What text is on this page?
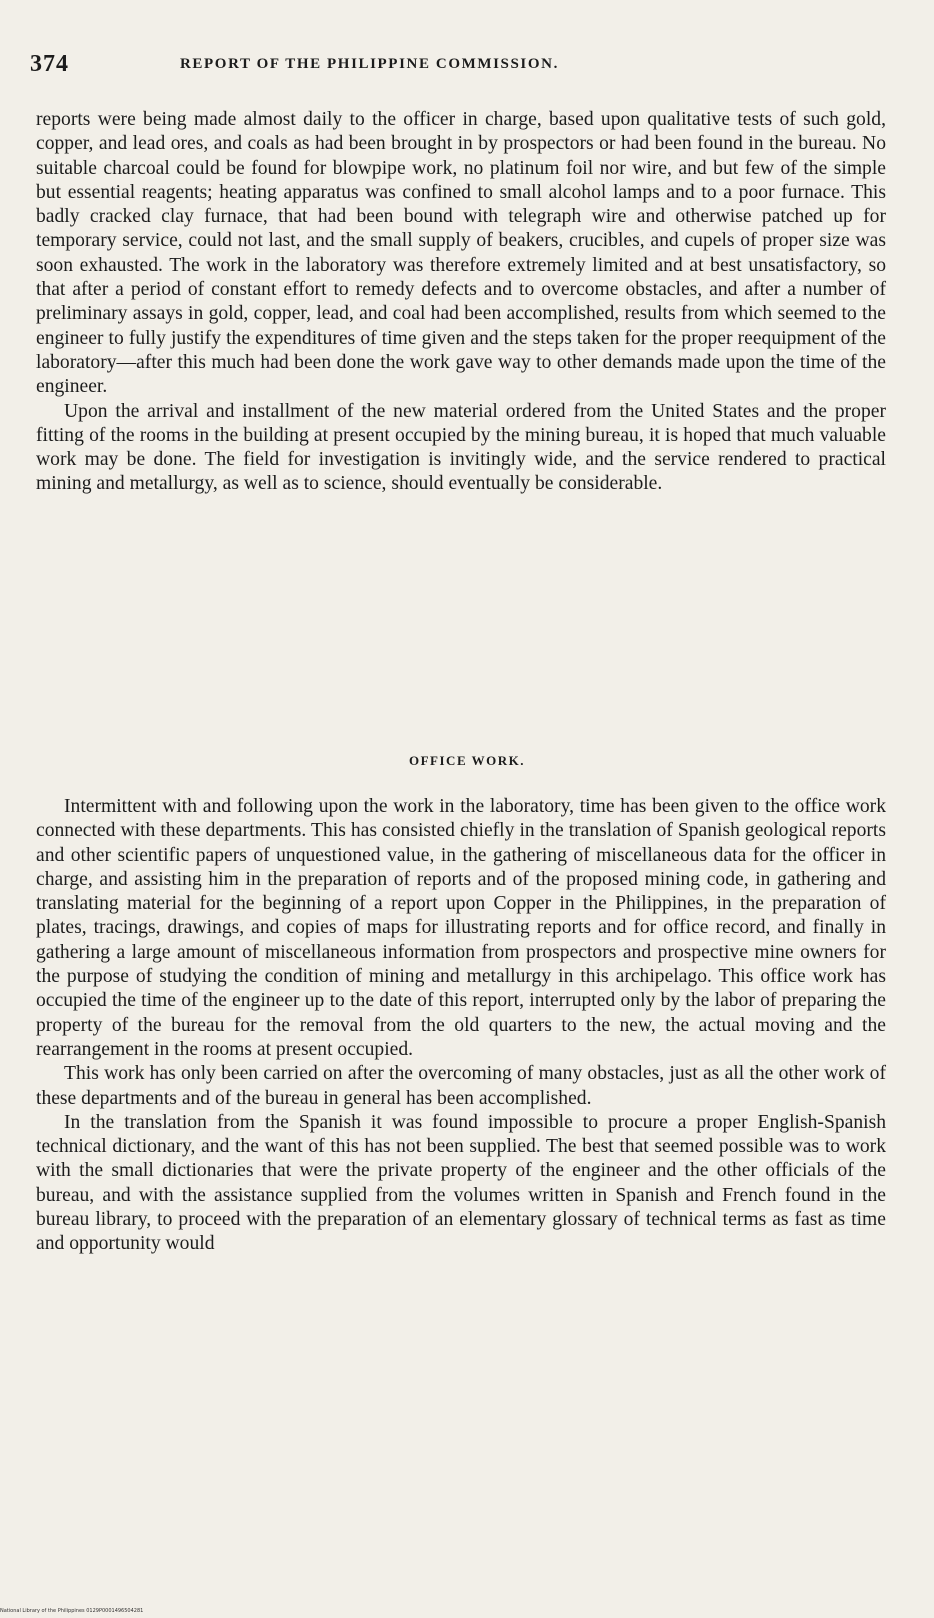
374	REPORT OF THE PHILIPPINE COMMISSION.

reports were being made almost daily to the officer in charge, based upon qualitative tests of such gold, copper, and lead ores, and coals as had been brought in by prospectors or had been found in the bureau. No suitable charcoal could be found for blowpipe work, no platinum foil nor wire, and but few of the simple but essential reagents; heating apparatus was confined to small alcohol lamps and to a poor furnace. This badly cracked clay furnace, that had been bound with telegraph wire and otherwise patched up for temporary service, could not last, and the small supply of beakers, crucibles, and cupels of proper size was soon exhausted. The work in the laboratory was therefore extremely limited and at best unsatisfactory, so that after a period of constant effort to remedy defects and to overcome obstacles, and after a number of preliminary assays in gold, copper, lead, and coal had been accomplished, results from which seemed to the engineer to fully justify the expenditures of time given and the steps taken for the proper reequipment of the laboratory—after this much had been done the work gave way to other demands made upon the time of the engineer.

Upon the arrival and installment of the new material ordered from the United States and the proper fitting of the rooms in the building at present occupied by the mining bureau, it is hoped that much valuable work may be done. The field for investigation is invitingly wide, and the service rendered to practical mining and metallurgy, as well as to science, should eventually be considerable.

OFFICE WORK.

Intermittent with and following upon the work in the laboratory, time has been given to the office work connected with these departments. This has consisted chiefly in the translation of Spanish geological reports and other scientific papers of unquestioned value, in the gathering of miscellaneous data for the officer in charge, and assisting him in the preparation of reports and of the proposed mining code, in gathering and translating material for the beginning of a report upon Copper in the Philippines, in the preparation of plates, tracings, drawings, and copies of maps for illustrating reports and for office record, and finally in gathering a large amount of miscellaneous information from prospectors and prospective mine owners for the purpose of studying the condition of mining and metallurgy in this archipelago. This office work has occupied the time of the engineer up to the date of this report, interrupted only by the labor of preparing the property of the bureau for the removal from the old quarters to the new, the actual moving and the rearrangement in the rooms at present occupied.

This work has only been carried on after the overcoming of many obstacles, just as all the other work of these departments and of the bureau in general has been accomplished.

In the translation from the Spanish it was found impossible to procure a proper English-Spanish technical dictionary, and the want of this has not been supplied. The best that seemed possible was to work with the small dictionaries that were the private property of the engineer and the other officials of the bureau, and with the assistance supplied from the volumes written in Spanish and French found in the bureau library, to proceed with the preparation of an elementary glossary of technical terms as fast as time and opportunity would

National Library of the Philippines 0129P0001496504281
